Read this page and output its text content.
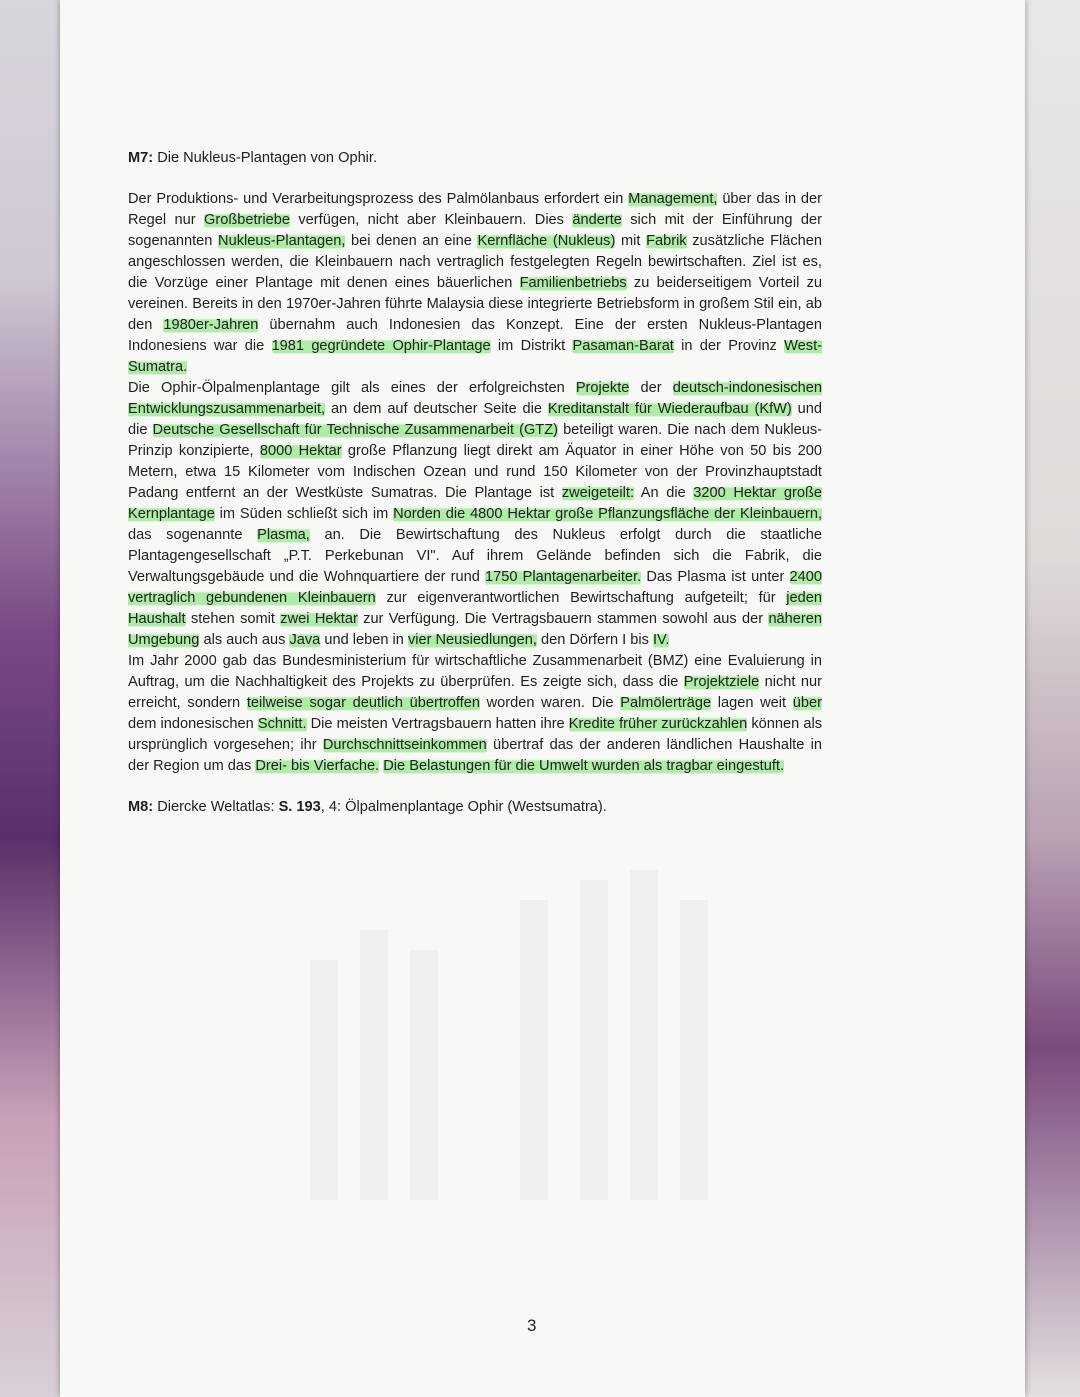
M7: Die Nukleus-Plantagen von Ophir.

Der Produktions- und Verarbeitungsprozess des Palmölanbaus erfordert ein Management, über das in der Regel nur Großbetriebe verfügen, nicht aber Kleinbauern. Dies änderte sich mit der Einführung der sogenannten Nukleus-Plantagen, bei denen an eine Kernfläche (Nukleus) mit Fabrik zusätzliche Flächen angeschlossen werden, die Kleinbauern nach vertraglich festgelegten Regeln bewirtschaften. Ziel ist es, die Vorzüge einer Plantage mit denen eines bäuerlichen Familienbetriebs zu beiderseitigem Vorteil zu vereinen. Bereits in den 1970er-Jahren führte Malaysia diese integrierte Betriebsform in großem Stil ein, ab den 1980er-Jahren übernahm auch Indonesien das Konzept. Eine der ersten Nukleus-Plantagen Indonesiens war die 1981 gegründete Ophir-Plantage im Distrikt Pasaman-Barat in der Provinz West-Sumatra.

Die Ophir-Ölpalmenplantage gilt als eines der erfolgreichsten Projekte der deutsch-indonesischen Entwicklungszusammenarbeit, an dem auf deutscher Seite die Kreditanstalt für Wiederaufbau (KfW) und die Deutsche Gesellschaft für Technische Zusammenarbeit (GTZ) beteiligt waren. Die nach dem Nukleus-Prinzip konzipierte, 8000 Hektar große Pflanzung liegt direkt am Äquator in einer Höhe von 50 bis 200 Metern, etwa 15 Kilometer vom Indischen Ozean und rund 150 Kilometer von der Provinzhauptstadt Padang entfernt an der Westküste Sumatras. Die Plantage ist zweigeteilt: An die 3200 Hektar große Kernplantage im Süden schließt sich im Norden die 4800 Hektar große Pflanzungsfläche der Kleinbauern, das sogenannte Plasma, an. Die Bewirtschaftung des Nukleus erfolgt durch die staatliche Plantagengesellschaft „P.T. Perkebunan VI". Auf ihrem Gelände befinden sich die Fabrik, die Verwaltungsgebäude und die Wohnquartiere der rund 1750 Plantagenarbeiter. Das Plasma ist unter 2400 vertraglich gebundenen Kleinbauern zur eigenverantwortlichen Bewirtschaftung aufgeteilt; für jeden Haushalt stehen somit zwei Hektar zur Verfügung. Die Vertragsbauern stammen sowohl aus der näheren Umgebung als auch aus Java und leben in vier Neusiedlungen, den Dörfern I bis IV.

Im Jahr 2000 gab das Bundesministerium für wirtschaftliche Zusammenarbeit (BMZ) eine Evaluierung in Auftrag, um die Nachhaltigkeit des Projekts zu überprüfen. Es zeigte sich, dass die Projektziele nicht nur erreicht, sondern teilweise sogar deutlich übertroffen worden waren. Die Palmölerträge lagen weit über dem indonesischen Schnitt. Die meisten Vertragsbauern hatten ihre Kredite früher zurückzahlen können als ursprünglich vorgesehen; ihr Durchschnittseinkommen übertraf das der anderen ländlichen Haushalte in der Region um das Drei- bis Vierfache. Die Belastungen für die Umwelt wurden als tragbar eingestuft.

M8: Diercke Weltatlas: S. 193, 4: Ölpalmenplantage Ophir (Westsumatra).

3
